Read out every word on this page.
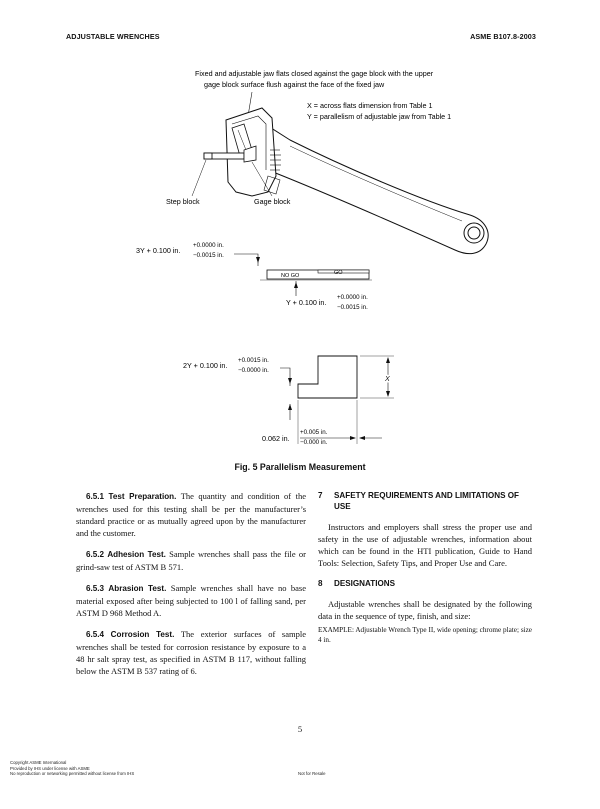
ADJUSTABLE WRENCHES	ASME B107.8-2003
Fixed and adjustable jaw flats closed against the gage block with the upper
gage block surface flush against the face of the fixed jaw
X = across flats dimension from Table 1
Y = parallelism of adjustable jaw from Table 1
Step block	Gage block
3Y + 0.100 in.
+0.0000 in.
−0.0015 in.
NO GO	GO
Y + 0.100 in.
+0.0000 in.
−0.0015 in.
2Y + 0.100 in.
+0.0015 in.
−0.0000 in.
X
0.062 in.
+0.005 in.
−0.000 in.
Fig. 5 Parallelism Measurement

6.5.1 Test Preparation. The quantity and condition of the wrenches used for this testing shall be per the manufacturer’s standard practice or as mutually agreed upon by the manufacturer and the customer.

6.5.2 Adhesion Test. Sample wrenches shall pass the file or grind-saw test of ASTM B 571.

6.5.3 Abrasion Test. Sample wrenches shall have no base material exposed after being subjected to 100 l of falling sand, per ASTM D 968 Method A.

6.5.4 Corrosion Test. The exterior surfaces of sample wrenches shall be tested for corrosion resistance by exposure to a 48 hr salt spray test, as specified in ASTM B 117, without falling below the ASTM B 537 rating of 6.

7 SAFETY REQUIREMENTS AND LIMITATIONS OF
USE

Instructors and employers shall stress the proper use and safety in the use of adjustable wrenches, information about which can be found in the HTI publication, Guide to Hand Tools: Selection, Safety Tips, and Proper Use and Care.

8 DESIGNATIONS

Adjustable wrenches shall be designated by the following data in the sequence of type, finish, and size:

EXAMPLE: Adjustable Wrench Type II, wide opening; chrome plate; size 4 in.

5
Copyright ASME International
Provided by IHS under license with ASME
No reproduction or networking permitted without license from IHS	Not for Resale
